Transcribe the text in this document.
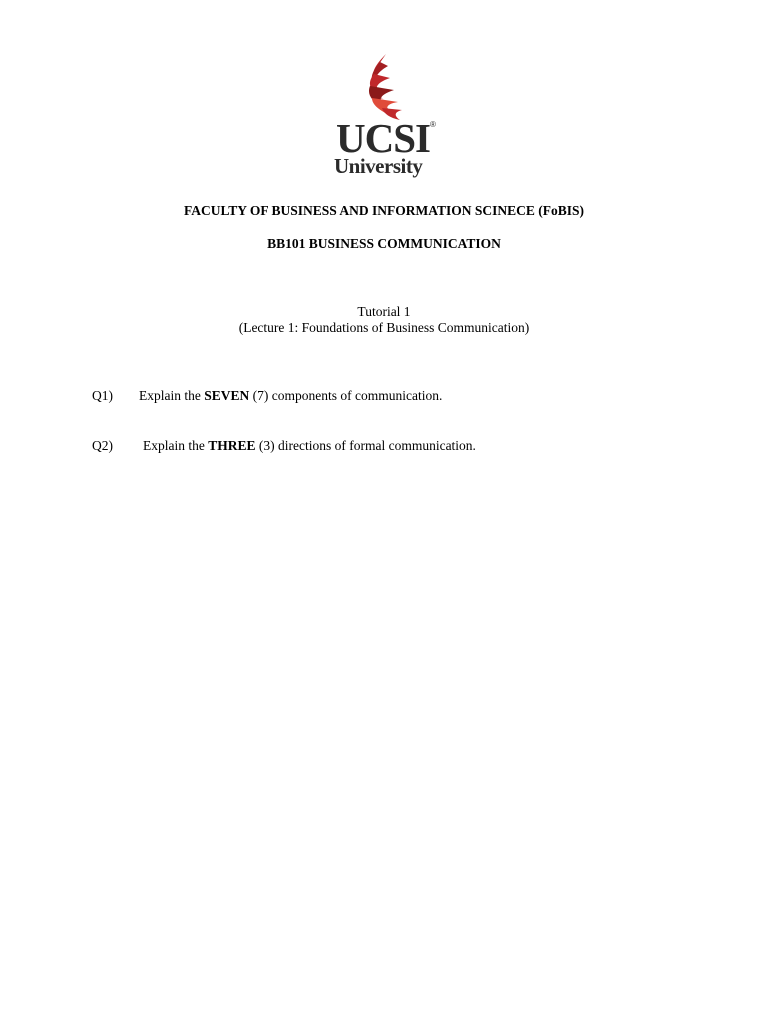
UCSI ®
University
FACULTY OF BUSINESS AND INFORMATION SCINECE (FoBIS)
BB101 BUSINESS COMMUNICATION
Tutorial 1
(Lecture 1: Foundations of Business Communication)
Q1) Explain the SEVEN (7) components of communication.
Q2) Explain the THREE (3) directions of formal communication.
